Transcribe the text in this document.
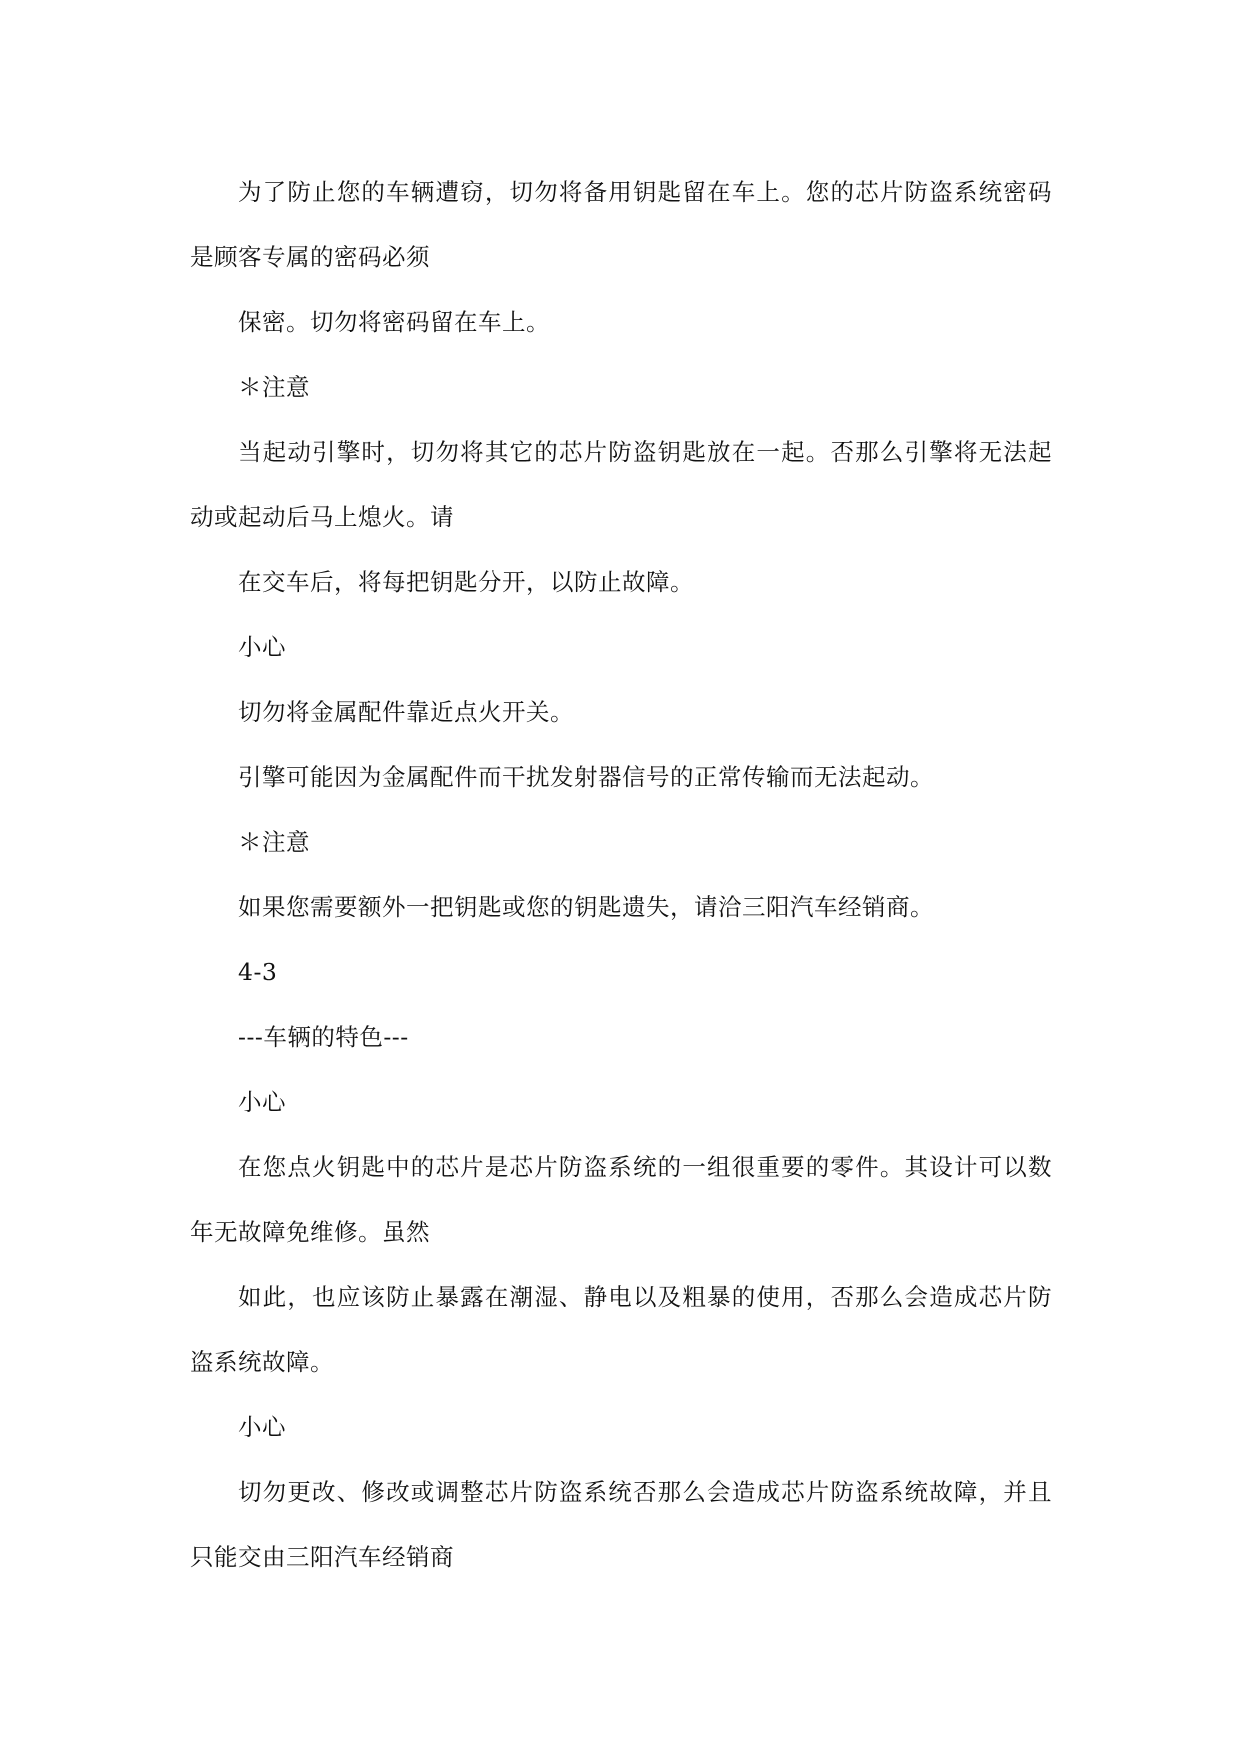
为了防止您的车辆遭窃，切勿将备用钥匙留在车上。您的芯片防盗系统密码是顾客专属的密码必须

保密。切勿将密码留在车上。

＊注意

当起动引擎时，切勿将其它的芯片防盗钥匙放在一起。否那么引擎将无法起动或起动后马上熄火。请

在交车后，将每把钥匙分开，以防止故障。

小心

切勿将金属配件靠近点火开关。

引擎可能因为金属配件而干扰发射器信号的正常传输而无法起动。

＊注意

如果您需要额外一把钥匙或您的钥匙遗失，请洽三阳汽车经销商。

4-3

---车辆的特色---

小心

在您点火钥匙中的芯片是芯片防盗系统的一组很重要的零件。其设计可以数年无故障免维修。虽然

如此，也应该防止暴露在潮湿、静电以及粗暴的使用，否那么会造成芯片防盗系统故障。

小心

切勿更改、修改或调整芯片防盗系统否那么会造成芯片防盗系统故障，并且只能交由三阳汽车经销商
